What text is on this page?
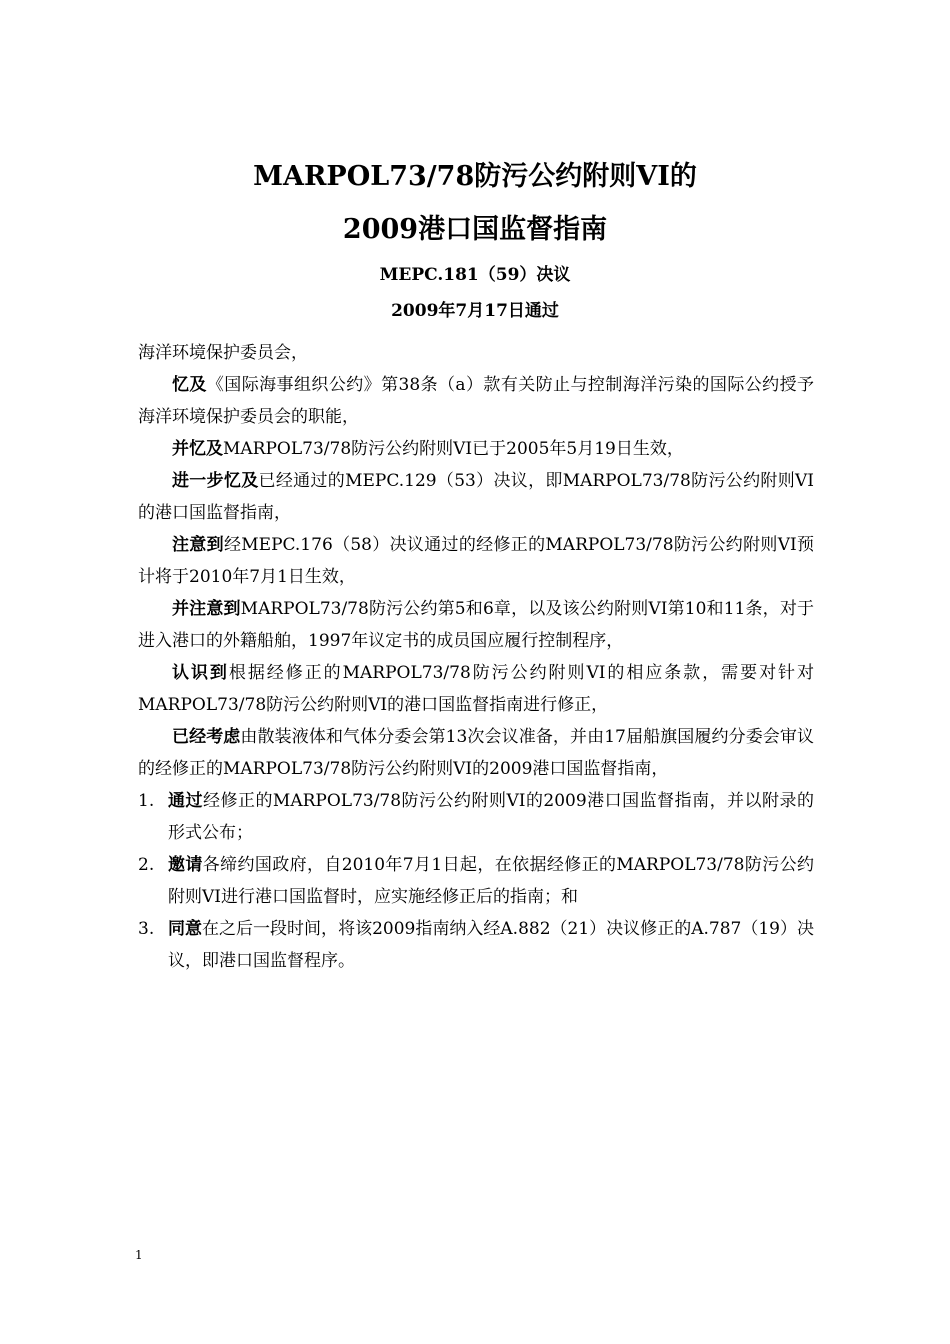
MARPOL73/78防污公约附则VI的
2009港口国监督指南
MEPC.181（59）决议
2009年7月17日通过

海洋环境保护委员会，

忆及《国际海事组织公约》第38条（a）款有关防止与控制海洋污染的国际公约授予海洋环境保护委员会的职能，

并忆及MARPOL73/78防污公约附则VI已于2005年5月19日生效，

进一步忆及已经通过的MEPC.129（53）决议，即MARPOL73/78防污公约附则VI的港口国监督指南，

注意到经MEPC.176（58）决议通过的经修正的MARPOL73/78防污公约附则VI预计将于2010年7月1日生效，

并注意到MARPOL73/78防污公约第5和6章，以及该公约附则VI第10和11条，对于进入港口的外籍船舶，1997年议定书的成员国应履行控制程序，

认识到根据经修正的MARPOL73/78防污公约附则VI的相应条款，需要对针对MARPOL73/78防污公约附则VI的港口国监督指南进行修正，

已经考虑由散装液体和气体分委会第13次会议准备，并由17届船旗国履约分委会审议的经修正的MARPOL73/78防污公约附则VI的2009港口国监督指南，

1. 通过经修正的MARPOL73/78防污公约附则VI的2009港口国监督指南，并以附录的形式公布；
2. 邀请各缔约国政府，自2010年7月1日起，在依据经修正的MARPOL73/78防污公约附则VI进行港口国监督时，应实施经修正后的指南；和
3. 同意在之后一段时间，将该2009指南纳入经A.882（21）决议修正的A.787（19）决议，即港口国监督程序。
1
